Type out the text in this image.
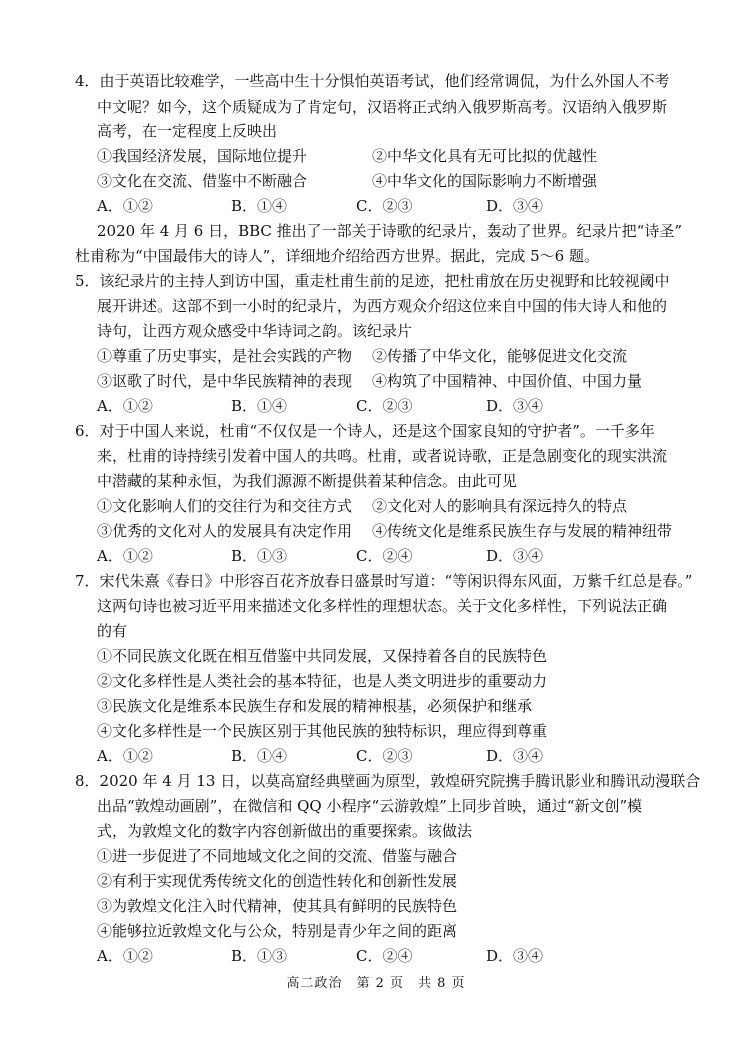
4．由于英语比较难学，一些高中生十分惧怕英语考试，他们经常调侃，为什么外国人不考
中文呢？如今，这个质疑成为了肯定句，汉语将正式纳入俄罗斯高考。汉语纳入俄罗斯
高考，在一定程度上反映出
①我国经济发展，国际地位提升	②中华文化具有无可比拟的优越性
③文化在交流、借鉴中不断融合	④中华文化的国际影响力不断增强
A．①②	B．①④	C．②③	D．③④
2020 年 4 月 6 日，BBC 推出了一部关于诗歌的纪录片，轰动了世界。纪录片把“诗圣”
杜甫称为“中国最伟大的诗人”，详细地介绍给西方世界。据此，完成 5～6 题。
5．该纪录片的主持人到访中国，重走杜甫生前的足迹，把杜甫放在历史视野和比较视阈中
展开讲述。这部不到一小时的纪录片，为西方观众介绍这位来自中国的伟大诗人和他的
诗句，让西方观众感受中华诗词之韵。该纪录片
①尊重了历史事实，是社会实践的产物 ②传播了中华文化，能够促进文化交流
③讴歌了时代，是中华民族精神的表现 ④构筑了中国精神、中国价值、中国力量
A．①②	B．①④	C．②③	D．③④
6．对于中国人来说，杜甫“不仅仅是一个诗人，还是这个国家良知的守护者”。一千多年
来，杜甫的诗持续引发着中国人的共鸣。杜甫，或者说诗歌，正是急剧变化的现实洪流
中潜藏的某种永恒，为我们源源不断提供着某种信念。由此可见
①文化影响人们的交往行为和交往方式 ②文化对人的影响具有深远持久的特点
③优秀的文化对人的发展具有决定作用 ④传统文化是维系民族生存与发展的精神纽带
A．①②	B．①③	C．②④	D．③④
7．宋代朱熹《春日》中形容百花齐放春日盛景时写道：“等闲识得东风面，万紫千红总是春。”
这两句诗也被习近平用来描述文化多样性的理想状态。关于文化多样性，下列说法正确
的有
①不同民族文化既在相互借鉴中共同发展，又保持着各自的民族特色
②文化多样性是人类社会的基本特征，也是人类文明进步的重要动力
③民族文化是维系本民族生存和发展的精神根基，必须保护和继承
④文化多样性是一个民族区别于其他民族的独特标识，理应得到尊重
A．①②	B．①④	C．②③	D．③④
8．2020 年 4 月 13 日，以莫高窟经典壁画为原型，敦煌研究院携手腾讯影业和腾讯动漫联合
出品“敦煌动画剧”，在微信和 QQ 小程序“云游敦煌”上同步首映，通过“新文创”模
式，为敦煌文化的数字内容创新做出的重要探索。该做法
①进一步促进了不同地域文化之间的交流、借鉴与融合
②有利于实现优秀传统文化的创造性转化和创新性发展
③为敦煌文化注入时代精神，使其具有鲜明的民族特色
④能够拉近敦煌文化与公众，特别是青少年之间的距离
A．①②	B．①③	C．②④	D．③④
高二政治　第 2 页　共 8 页
